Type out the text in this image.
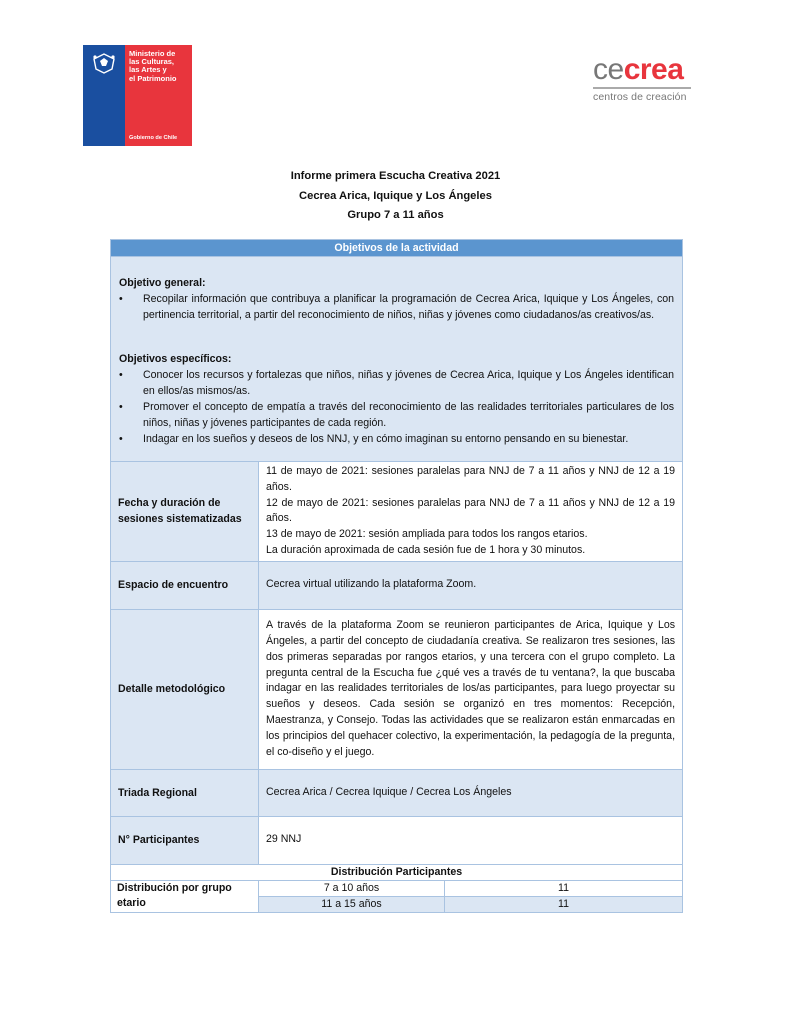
Ministerio de
las Culturas,
las Artes y
el Patrimonio
Gobierno de Chile
cecrea
centros de creación
Informe primera Escucha Creativa 2021
Cecrea Arica, Iquique y Los Ángeles
Grupo 7 a 11 años
Objetivos de la actividad		

Objetivo general:
• Recopilar información que contribuya a planificar la programación de Cecrea Arica, Iquique y Los Ángeles, con pertinencia territorial, a partir del reconocimiento de niños, niñas y jóvenes como ciudadanos/as creativos/as.
Objetivos específicos:
• Conocer los recursos y fortalezas que niños, niñas y jóvenes de Cecrea Arica, Iquique y Los Ángeles identifican en ellos/as mismos/as.
• Promover el concepto de empatía a través del reconocimiento de las realidades territoriales particulares de los niños, niñas y jóvenes participantes de cada región.
• Indagar en los sueños y deseos de los NNJ, y en cómo imaginan su entorno pensando en su bienestar.

Fecha y duración de sesiones sistematizadas	11 de mayo de 2021: sesiones paralelas para NNJ de 7 a 11 años y NNJ de 12 a 19 años.
12 de mayo de 2021: sesiones paralelas para NNJ de 7 a 11 años y NNJ de 12 a 19 años.
13 de mayo de 2021: sesión ampliada para todos los rangos etarios.
La duración aproximada de cada sesión fue de 1 hora y 30 minutos.	

Espacio de encuentro	Cecrea virtual utilizando la plataforma Zoom.	
Detalle metodológico	A través de la plataforma Zoom se reunieron participantes de Arica, Iquique y Los Ángeles, a partir del concepto de ciudadanía creativa. Se realizaron tres sesiones, las dos primeras separadas por rangos etarios, y una tercera con el grupo completo. La pregunta central de la Escucha fue ¿qué ves a través de tu ventana?, la que buscaba indagar en las realidades territoriales de los/as participantes, para luego proyectar su sueños y deseos. Cada sesión se organizó en tres momentos: Recepción, Maestranza, y Consejo. Todas las actividades que se realizaron están enmarcadas en los principios del quehacer colectivo, la experimentación, la pedagogía de la pregunta, el co-diseño y el juego.	
Triada Regional	Cecrea Arica / Cecrea Iquique / Cecrea Los Ángeles	
N° Participantes	29 NNJ	
Distribución Participantes		
Distribución por grupo etario	7 a 10 años	11
	11 a 15 años	11
